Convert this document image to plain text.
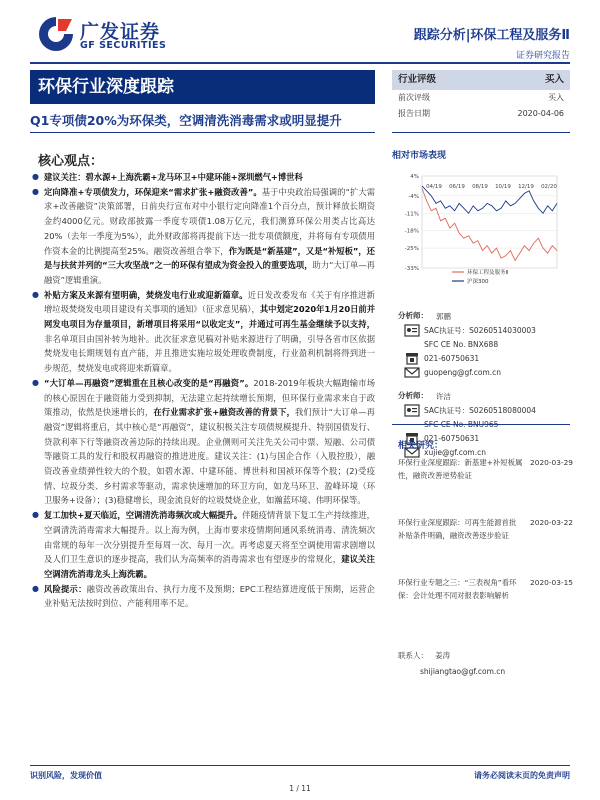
广发证券
GF SECURITIES
跟踪分析|环保工程及服务Ⅱ
证券研究报告
环保行业深度跟踪
Q1专项债20%为环保类，空调清洗消毒需求或明显提升
核心观点：
● 建议关注：碧水源+上海洗霸+龙马环卫+中建环能+深圳燃气+博世科
● 定向降准+专项债发力，环保迎来“需求扩张+融资改善”。基于中央政治局强调的“扩大需求+改善融资”决策部署，日前央行宣布对中小银行定向降准1个百分点，预计释放长期资金约4000亿元。财政部披露一季度专项债1.08万亿元，我们测算环保公用类占比高达20%（去年一季度为5%），此外财政部将再提前下达一批专项债额度，并将每有专项债用作资本金的比例提高至25%。融资改善组合拳下，作为既是“新基建”，又是“补短板”，还是与扶贫并列的“三大攻坚战”之一的环保有望成为资金投入的重要选项，助力“大订单—再融资”逻辑重演。
● 补贴方案及来源有望明确，焚烧发电行业或迎新篇章。近日发改委发布《关于有序推进新增垃圾焚烧发电项目建设有关事项的通知》（征求意见稿），其中划定2020年1月20日前并网发电项目为存量项目，新增项目将采用“以收定支”，并通过可再生基金继续予以支持，非名单项目由国补转为地补。此次征求意见稿对补贴来源进行了明确，引导各省市区依据焚烧发电长期规划有直产能，并且推进实施垃圾处理收费制度，行业盈利机制将得到进一步规范，焚烧发电或将迎来新篇章。
● “大订单—再融资”逻辑重在且核心改变的是“再融资”。2018-2019年板块大幅跑输市场的核心原因在于融资能力受到抑制，无法建立起持续增长预期，但环保行业需求来自于政策推动，依然是快速增长的，在行业需求扩张+融资改善的背景下，我们预计“大订单—再融资”逻辑将重启，其中核心是“再融资”，建议积极关注专项债规模提升、特别国债发行、贷款利率下行等融资改善边际的持续出现。企业侧则可关注先关公司中票、短融、公司债等融资工具的发行和股权再融资的推进进度。建议关注：(1)与国企合作（入股控股），融资改善业绩弹性较大的个股，如碧水源、中建环能、博世科和国祯环保等个股；(2)受疫情、垃圾分类、乡村需求等驱动，需求快速增加的环卫方向，如龙马环卫、盈峰环境（环卫服务+设备）；(3)稳健增长，现金流良好的垃圾焚烧企业，如瀚蓝环境、伟明环保等。
● 复工加快+夏天临近，空调清洗消毒频次或大幅提升。伴随疫情背景下复工生产持续推进，空调清洗消毒需求大幅提升。以上海为例，上海市要求疫情期间通风系统消毒、清洗频次由常规的每年一次分别提升至每周一次、每月一次。再考虑夏天将至空调使用需求剧增以及人们卫生意识的逐步提高，我们认为高频率的消毒需求也有望逐步的常规化，建议关注空调清洗消毒龙头上海洗霸。
● 风险提示：融资改善政策出台、执行力度不及预期；EPC工程结算进度低于预期，运营企业补贴无法按时到位、产能利用率不足。
行业评级	买入
前次评级	买入
报告日期	2020-04-06
相对市场表现
4%
-4%
-11%
-18%
-25%
-33%
04/19 06/19 08/19 10/19 12/19 02/20
环保工程及服务Ⅱ
沪深300
分析师： 郭鹏
SAC执证号：S0260514030003
SFC CE No. BNX688
021-60750631
guopeng@gf.com.cn
分析师： 许洁
SAC执证号：S0260518080004
021-60750631
xujie@gf.com.cn
相关研究：
环保行业深度跟踪：新基建+补短板属性，融资改善逆势验证
2020-03-29
环保行业深度跟踪：可再生能源首批补贴条件明确，融资改善逐步验证
2020-03-22
环保行业专题之三：“三表视角”看环保：会计处理不同对报表影响解析
2020-03-15
联系人： 姜涛
shijiangtao@gf.com.cn
识别风险，发现价值	请务必阅读末页的免责声明
1 / 11
